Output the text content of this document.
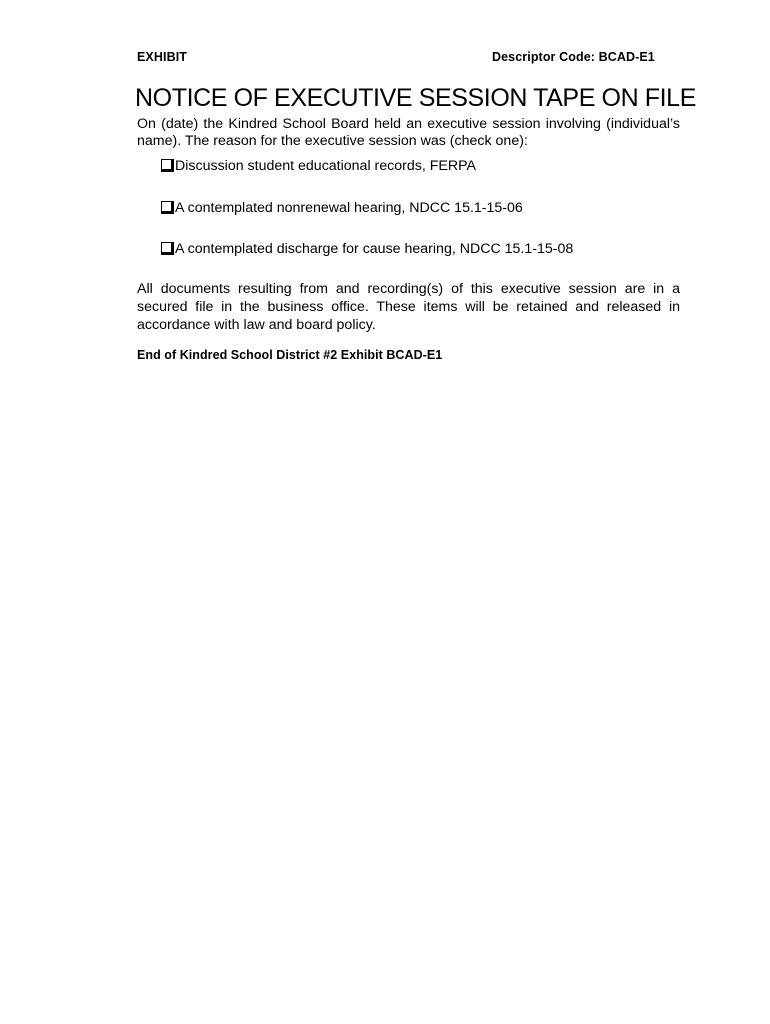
EXHIBIT	Descriptor Code: BCAD-E1
NOTICE OF EXECUTIVE SESSION TAPE ON FILE
On (date) the Kindred School Board held an executive session involving (individual’s name). The reason for the executive session was (check one):
Discussion student educational records, FERPA
A contemplated nonrenewal hearing, NDCC 15.1-15-06
A contemplated discharge for cause hearing, NDCC 15.1-15-08
All documents resulting from and recording(s) of this executive session are in a secured file in the business office. These items will be retained and released in accordance with law and board policy.
End of Kindred School District #2 Exhibit BCAD-E1
